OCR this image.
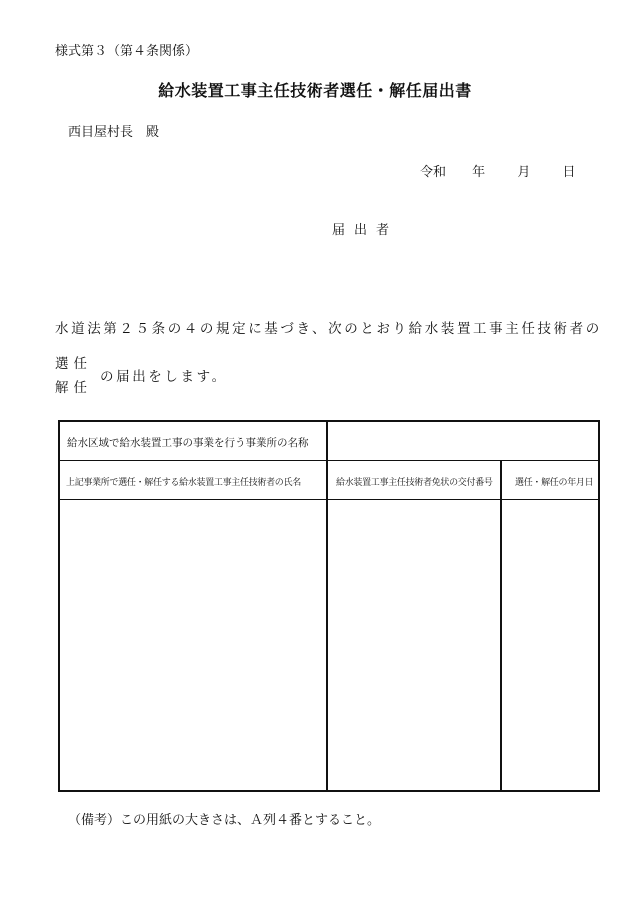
様式第３（第４条関係）
給水装置工事主任技術者選任・解任届出書
西目屋村長　殿
令和 年 月 日
届出者
水道法第２５条の４の規定に基づき、次のとおり給水装置工事主任技術者の
選任
解任
の届出をします。
給水区域で給水装置工事の事業を行う事業所の名称
上記事業所で選任・解任する給水装置工事主任技術者の氏名	給水装置工事主任技術者免状の交付番号 選任・解任の年月日
（備考）この用紙の大きさは、Ａ列４番とすること。
